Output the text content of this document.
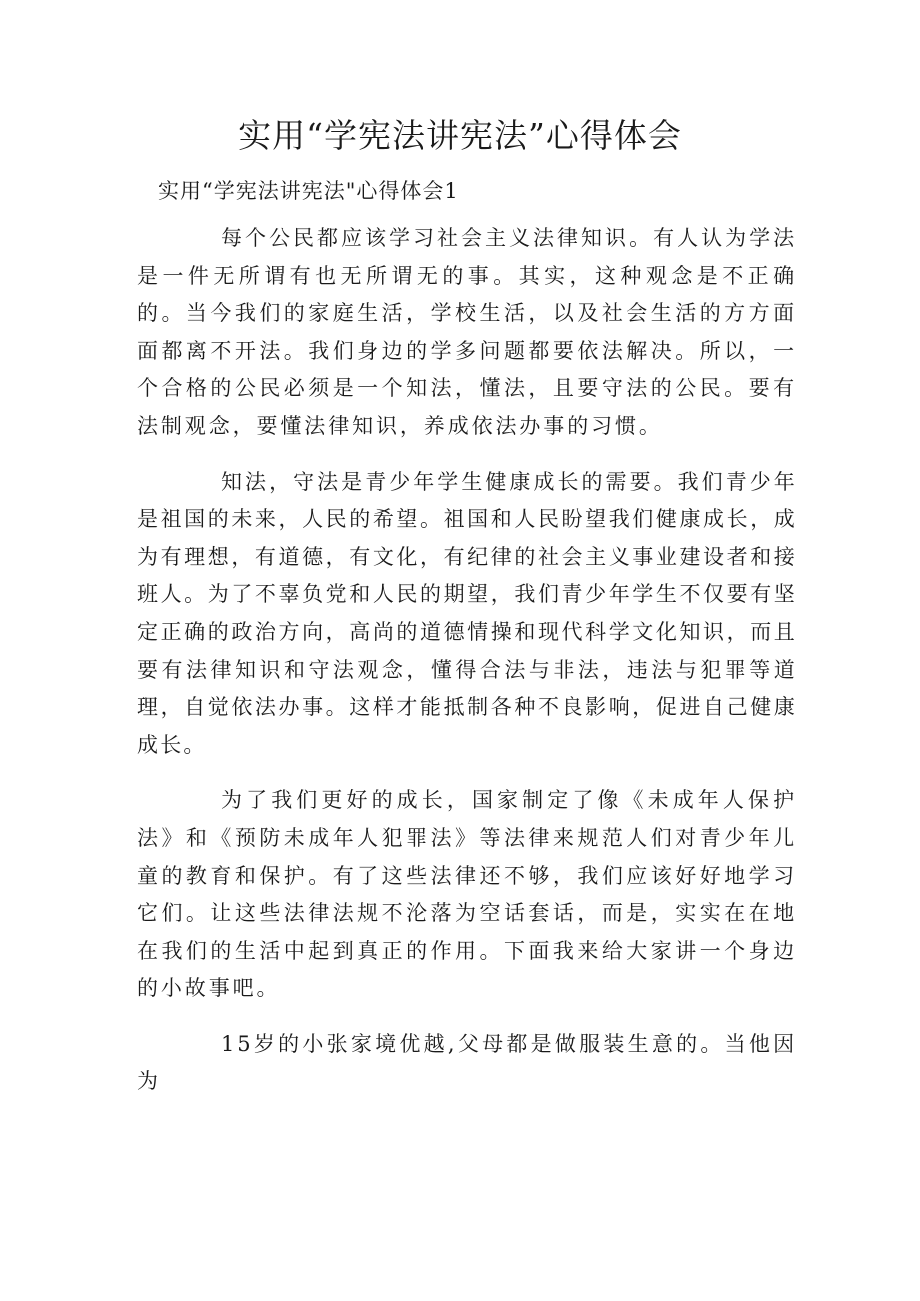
实用“学宪法讲宪法”心得体会

实用“学宪法讲宪法"心得体会1

每个公民都应该学习社会主义法律知识。有人认为学法是一件无所谓有也无所谓无的事。其实，这种观念是不正确的。当今我们的家庭生活，学校生活，以及社会生活的方方面面都离不开法。我们身边的学多问题都要依法解决。所以，一个合格的公民必须是一个知法，懂法，且要守法的公民。要有法制观念，要懂法律知识，养成依法办事的习惯。

知法，守法是青少年学生健康成长的需要。我们青少年是祖国的未来，人民的希望。祖国和人民盼望我们健康成长，成为有理想，有道德，有文化，有纪律的社会主义事业建设者和接班人。为了不辜负党和人民的期望，我们青少年学生不仅要有坚定正确的政治方向，高尚的道德情操和现代科学文化知识，而且要有法律知识和守法观念，懂得合法与非法，违法与犯罪等道理，自觉依法办事。这样才能抵制各种不良影响，促进自己健康成长。

为了我们更好的成长，国家制定了像《未成年人保护法》和《预防未成年人犯罪法》等法律来规范人们对青少年儿童的教育和保护。有了这些法律还不够，我们应该好好地学习它们。让这些法律法规不沦落为空话套话，而是，实实在在地在我们的生活中起到真正的作用。下面我来给大家讲一个身边的小故事吧。

15岁的小张家境优越,父母都是做服装生意的。当他因为
